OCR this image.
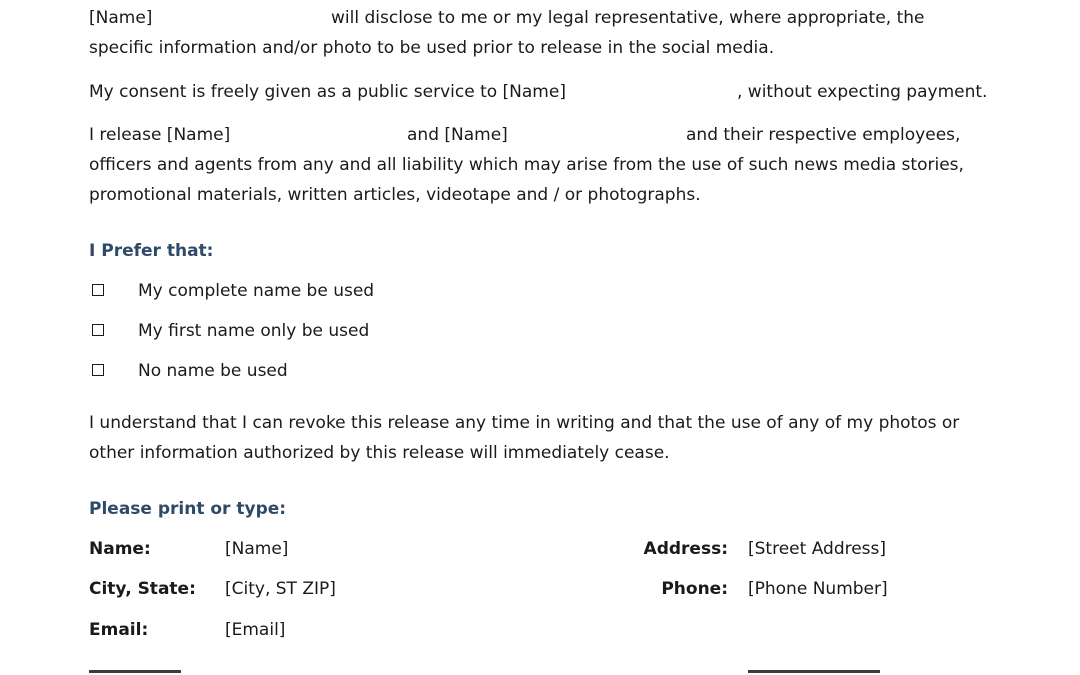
[Name]	will disclose to me or my legal representative, where appropriate, the
specific information and/or photo to be used prior to release in the social media.
My consent is freely given as a public service to [Name]	, without expecting payment.
I release [Name]	and [Name]	and their respective employees,
officers and agents from any and all liability which may arise from the use of such news media stories,
promotional materials, written articles, videotape and / or photographs.
I Prefer that:
My complete name be used
My first name only be used
No name be used
I understand that I can revoke this release any time in writing and that the use of any of my photos or
other information authorized by this release will immediately cease.
Please print or type:
Name:	[Name]	Address: [Street Address]
City, State: [City, ST ZIP]	Phone: [Phone Number]
Email:	[Email]
